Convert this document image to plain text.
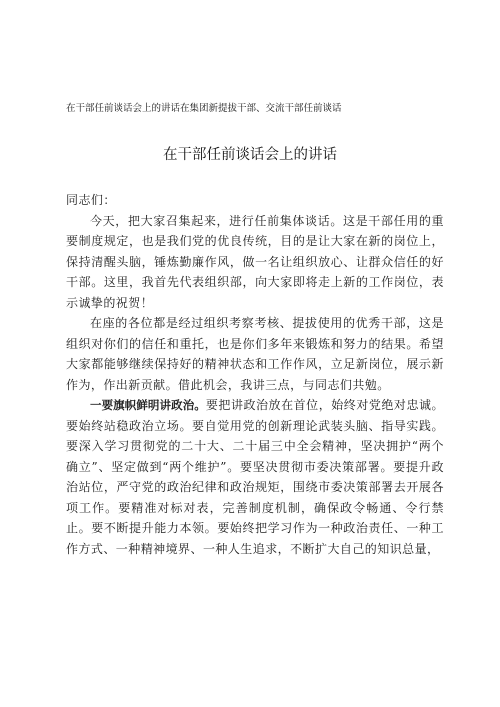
在干部任前谈话会上的讲话在集团新提拔干部、交流干部任前谈话
在干部任前谈话会上的讲话

同志们：

今天，把大家召集起来，进行任前集体谈话。这是干部任用的重要制度规定，也是我们党的优良传统，目的是让大家在新的岗位上，保持清醒头脑，锤炼勤廉作风，做一名让组织放心、让群众信任的好干部。这里，我首先代表组织部，向大家即将走上新的工作岗位，表示诚挚的祝贺！

在座的各位都是经过组织考察考核、提拔使用的优秀干部，这是组织对你们的信任和重托，也是你们多年来锻炼和努力的结果。希望大家都能够继续保持好的精神状态和工作作风，立足新岗位，展示新作为，作出新贡献。借此机会，我讲三点，与同志们共勉。

一要旗帜鲜明讲政治。要把讲政治放在首位，始终对党绝对忠诚。要始终站稳政治立场。要自觉用党的创新理论武装头脑、指导实践。要深入学习贯彻党的二十大、二十届三中全会精神，坚决拥护“两个确立”、坚定做到“两个维护”。要坚决贯彻市委决策部署。要提升政治站位，严守党的政治纪律和政治规矩，围绕市委决策部署去开展各项工作。要精准对标对表，完善制度机制，确保政令畅通、令行禁止。要不断提升能力本领。要始终把学习作为一种政治责任、一种工作方式、一种精神境界、一种人生追求，不断扩大自己的知识总量，
